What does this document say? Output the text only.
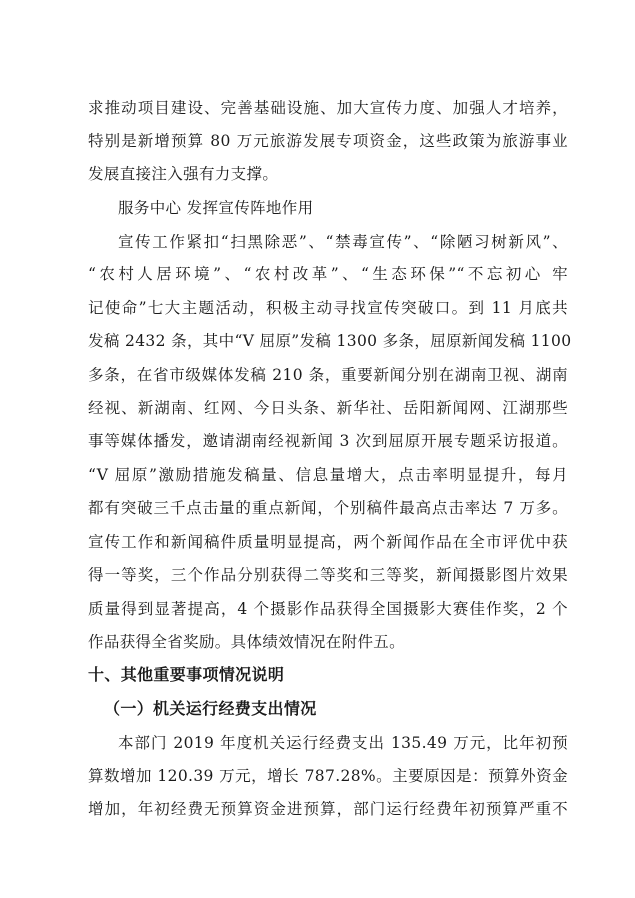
求推动项目建设、完善基础设施、加大宣传力度、加强人才培养，
特别是新增预算 80 万元旅游发展专项资金，这些政策为旅游事业
发展直接注入强有力支撑。
服务中心 发挥宣传阵地作用
宣传工作紧扣“扫黑除恶”、“禁毒宣传”、“除陋习树新风”、
“农村人居环境”、“农村改革”、“生态环保”“不忘初心 牢
记使命”七大主题活动，积极主动寻找宣传突破口。到 11 月底共
发稿 2432 条，其中“V 屈原”发稿 1300 多条，屈原新闻发稿 1100
多条，在省市级媒体发稿 210 条，重要新闻分别在湖南卫视、湖南
经视、新湖南、红网、今日头条、新华社、岳阳新闻网、江湖那些
事等媒体播发，邀请湖南经视新闻 3 次到屈原开展专题采访报道。
“V 屈原”激励措施发稿量、信息量增大，点击率明显提升，每月
都有突破三千点击量的重点新闻，个别稿件最高点击率达 7 万多。
宣传工作和新闻稿件质量明显提高，两个新闻作品在全市评优中获
得一等奖，三个作品分别获得二等奖和三等奖，新闻摄影图片效果
质量得到显著提高，4 个摄影作品获得全国摄影大赛佳作奖，2 个
作品获得全省奖励。具体绩效情况在附件五。
十、其他重要事项情况说明
（一）机关运行经费支出情况
本部门 2019 年度机关运行经费支出 135.49 万元，比年初预
算数增加 120.39 万元，增长 787.28%。主要原因是：预算外资金
增加，年初经费无预算资金进预算，部门运行经费年初预算严重不
